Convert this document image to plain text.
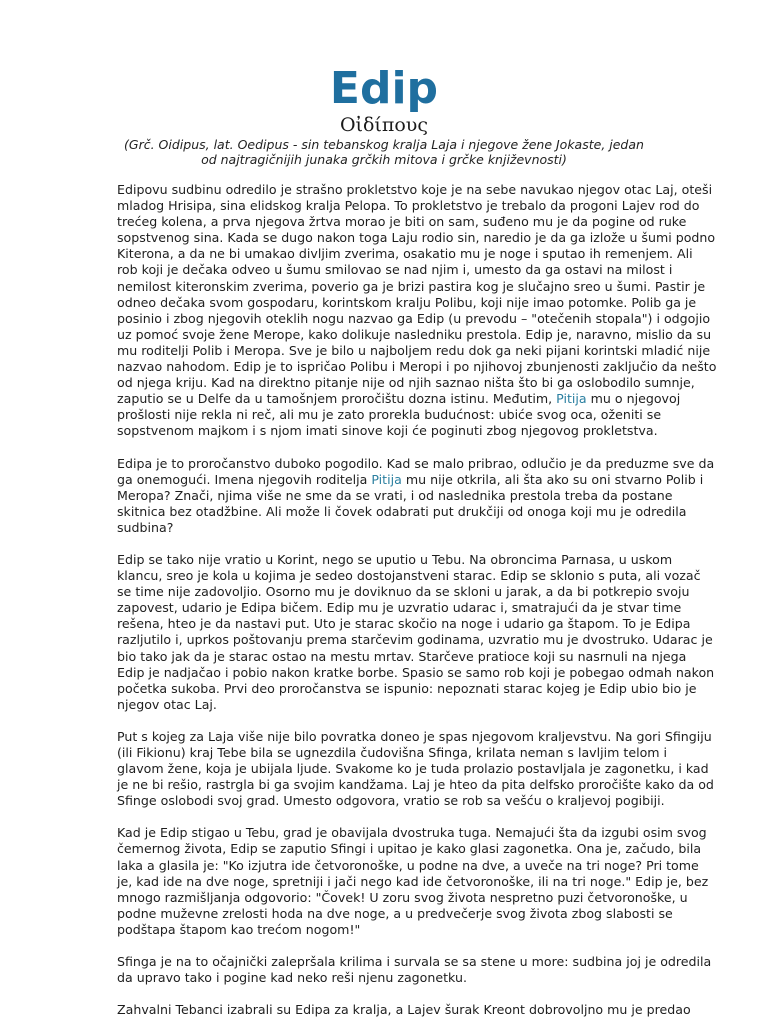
Edip
Οἰδίπους
(Grč. Oidipus, lat. Oedipus - sin tebanskog kralja Laja i njegove žene Jokaste, jedan od najtragičnijih junaka grčkih mitova i grčke književnosti)

Edipovu sudbinu odredilo je strašno prokletstvo koje je na sebe navukao njegov otac Laj, oteši mladog Hrisipa, sina elidskog kralja Pelopa. To prokletstvo je trebalo da progoni Lajev rod do trećeg kolena, a prva njegova žrtva morao je biti on sam, suđeno mu je da pogine od ruke sopstvenog sina. Kada se dugo nakon toga Laju rodio sin, naredio je da ga izlože u šumi podno Kiterona, a da ne bi umakao divljim zverima, osakatio mu je noge i sputao ih remenjem. Ali rob koji je dečaka odveo u šumu smilovao se nad njim i, umesto da ga ostavi na milost i nemilost kiteronskim zverima, poverio ga je brizi pastira kog je slučajno sreo u šumi. Pastir je odneo dečaka svom gospodaru, korintskom kralju Polibu, koji nije imao potomke. Polib ga je posinio i zbog njegovih oteklih nogu nazvao ga Edip (u prevodu – "otečenih stopala") i odgojio uz pomoć svoje žene Merope, kako dolikuje nasledniku prestola. Edip je, naravno, mislio da su mu roditelji Polib i Meropa. Sve je bilo u najboljem redu dok ga neki pijani korintski mladić nije nazvao nahodom. Edip je to ispričao Polibu i Meropi i po njihovoj zbunjenosti zaključio da nešto od njega kriju. Kad na direktno pitanje nije od njih saznao ništa što bi ga oslobodilo sumnje, zaputio se u Delfe da u tamošnjem proročištu dozna istinu. Međutim, Pitija mu o njegovoj prošlosti nije rekla ni reč, ali mu je zato prorekla budućnost: ubiće svog oca, oženiti se sopstvenom majkom i s njom imati sinove koji će poginuti zbog njegovog prokletstva.

Edipa je to proročanstvo duboko pogodilo. Kad se malo pribrao, odlučio je da preduzme sve da ga onemogući. Imena njegovih roditelja Pitija mu nije otkrila, ali šta ako su oni stvarno Polib i Meropa? Znači, njima više ne sme da se vrati, i od naslednika prestola treba da postane skitnica bez otadžbine. Ali može li čovek odabrati put drukčiji od onoga koji mu je odredila sudbina?

Edip se tako nije vratio u Korint, nego se uputio u Tebu. Na obroncima Parnasa, u uskom klancu, sreo je kola u kojima je sedeo dostojanstveni starac. Edip se sklonio s puta, ali vozač se time nije zadovoljio. Osorno mu je doviknuo da se skloni u jarak, a da bi potkrepio svoju zapovest, udario je Edipa bičem. Edip mu je uzvratio udarac i, smatrajući da je stvar time rešena, hteo je da nastavi put. Uto je starac skočio na noge i udario ga štapom. To je Edipa razljutilo i, uprkos poštovanju prema starčevim godinama, uzvratio mu je dvostruko. Udarac je bio tako jak da je starac ostao na mestu mrtav. Starčeve pratioce koji su nasrnuli na njega Edip je nadjačao i pobio nakon kratke borbe. Spasio se samo rob koji je pobegao odmah nakon početka sukoba. Prvi deo proročanstva se ispunio: nepoznati starac kojeg je Edip ubio bio je njegov otac Laj.

Put s kojeg za Laja više nije bilo povratka doneo je spas njegovom kraljevstvu. Na gori Sfingiju (ili Fikionu) kraj Tebe bila se ugnezdila čudovišna Sfinga, krilata neman s lavljim telom i glavom žene, koja je ubijala ljude. Svakome ko je tuda prolazio postavljala je zagonetku, i kad je ne bi rešio, rastrgla bi ga svojim kandžama. Laj je hteo da pita delfsko proročište kako da od Sfinge oslobodi svoj grad. Umesto odgovora, vratio se rob sa vešću o kraljevoj pogibiji.

Kad je Edip stigao u Tebu, grad je obavijala dvostruka tuga. Nemajući šta da izgubi osim svog čemernog života, Edip se zaputio Sfingi i upitao je kako glasi zagonetka. Ona je, začudo, bila laka a glasila je: "Ko izjutra ide četvoronoške, u podne na dve, a uveče na tri noge? Pri tome je, kad ide na dve noge, spretniji i jači nego kad ide četvoronoške, ili na tri noge." Edip je, bez mnogo razmišljanja odgovorio: "Čovek! U zoru svog života nespretno puzi četvoronoške, u podne muževne zrelosti hoda na dve noge, a u predvečerje svog života zbog slabosti se podštapa štapom kao trećom nogom!"

Sfinga je na to očajnički zalepršala krilima i survala se sa stene u more: sudbina joj je odredila da upravo tako i pogine kad neko reši njenu zagonetku.

Zahvalni Tebanci izabrali su Edipa za kralja, a Lajev šurak Kreont dobrovoljno mu je predao
